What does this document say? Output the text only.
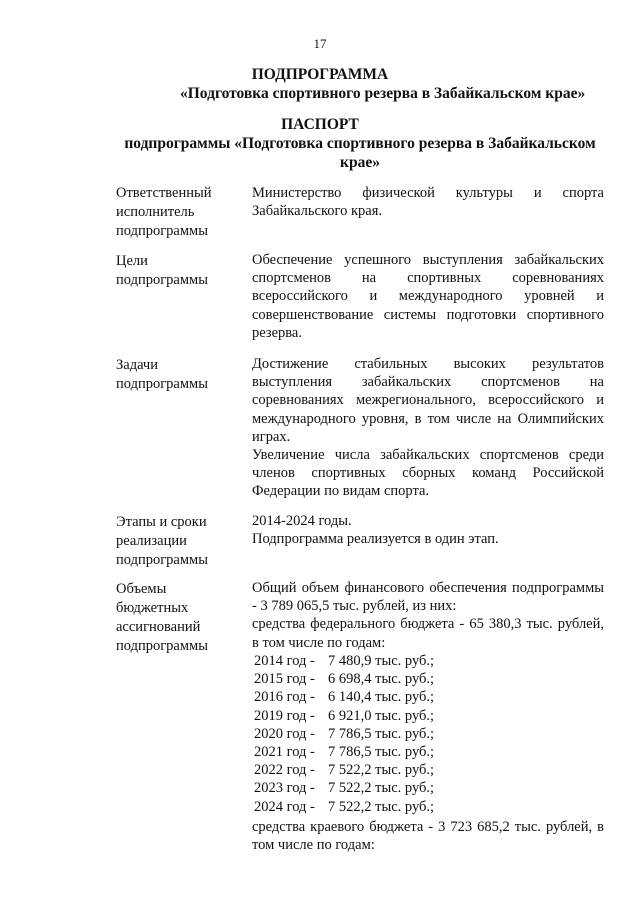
17
ПОДПРОГРАММА
«Подготовка спортивного резерва в Забайкальском крае»
ПАСПОРТ
подпрограммы «Подготовка спортивного резерва в Забайкальском крае»
Ответственный исполнитель подпрограммы
Министерство физической культуры и спорта Забайкальского края.
Цели подпрограммы
Обеспечение успешного выступления забайкальских спортсменов на спортивных соревнованиях всероссийского и международного уровней и совершенствование системы подготовки спортивного резерва.
Задачи подпрограммы

Достижение стабильных высоких результатов выступления забайкальских спортсменов на соревнованиях межрегионального, всероссийского и международного уровня, в том числе на Олимпийских играх.

Увеличение числа забайкальских спортсменов среди членов спортивных сборных команд Российской Федерации по видам спорта.

Этапы и сроки реализации подпрограммы

2014-2024 годы.

Подпрограмма реализуется в один этап.

Объемы бюджетных ассигнований подпрограммы

Общий объем финансового обеспечения подпрограммы - 3 789 065,5 тыс. рублей, из них:

средства федерального бюджета - 65 380,3 тыс. рублей, в том числе по годам:

2014 год - 7 480,9 тыс. руб.;
2015 год - 6 698,4 тыс. руб.;
2016 год - 6 140,4 тыс. руб.;
2019 год - 6 921,0 тыс. руб.;
2020 год - 7 786,5 тыс. руб.;
2021 год - 7 786,5 тыс. руб.;
2022 год - 7 522,2 тыс. руб.;
2023 год - 7 522,2 тыс. руб.;
2024 год - 7 522,2 тыс. руб.;
средства краевого бюджета - 3 723 685,2 тыс. рублей, в том числе по годам:
